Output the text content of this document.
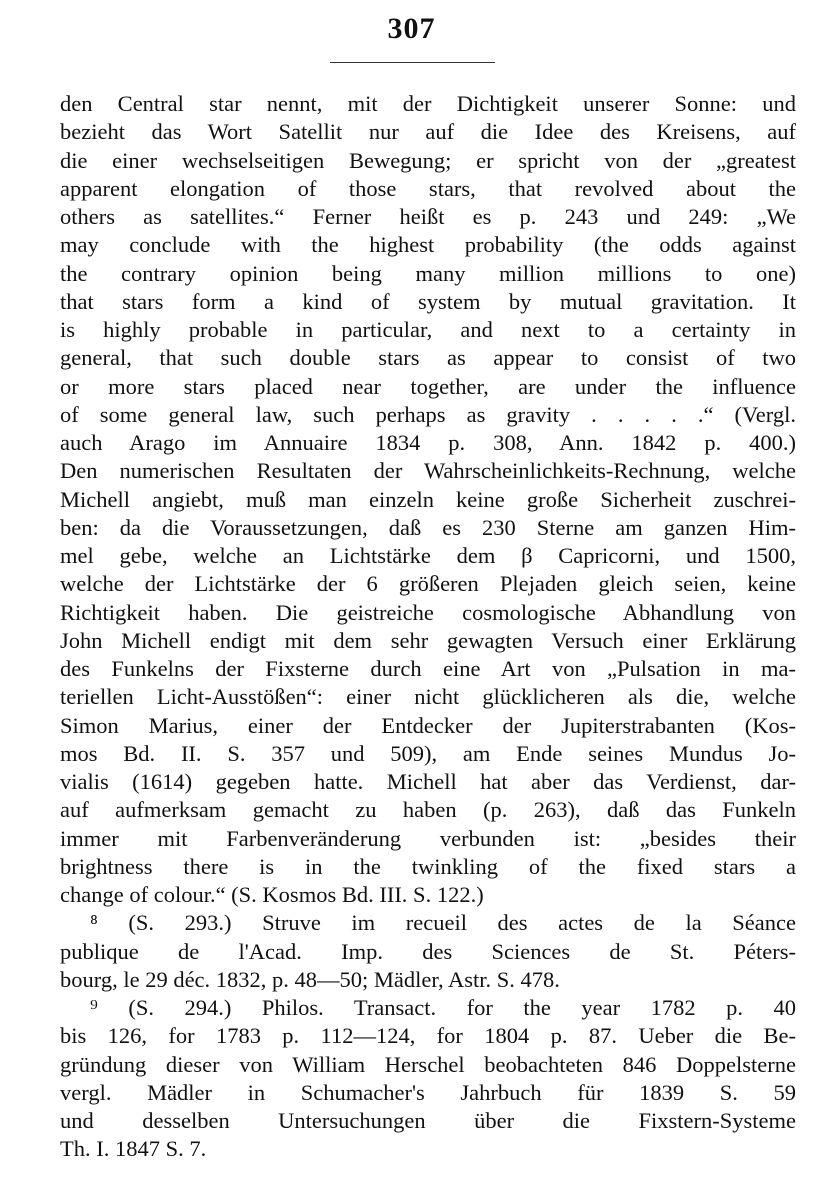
307
den Central star nennt, mit der Dichtigkeit unserer Sonne: und
bezieht das Wort Satellit nur auf die Idee des Kreisens, auf
die einer wechselseitigen Bewegung; er spricht von der „greatest
apparent elongation of those stars, that revolved about the
others as satellites.“ Ferner heißt es p. 243 und 249: „We
may conclude with the highest probability (the odds against
the contrary opinion being many million millions to one)
that stars form a kind of system by mutual gravitation. It
is highly probable in particular, and next to a certainty in
general, that such double stars as appear to consist of two
or more stars placed near together, are under the influence
of some general law, such perhaps as gravity . . . . .“ (Vergl.
auch Arago im Annuaire 1834 p. 308, Ann. 1842 p. 400.)
Den numerischen Resultaten der Wahrscheinlichkeits-Rechnung, welche
Michell angiebt, muß man einzeln keine große Sicherheit zuschrei-
ben: da die Voraussetzungen, daß es 230 Sterne am ganzen Him-
mel gebe, welche an Lichtstärke dem β Capricorni, und 1500,
welche der Lichtstärke der 6 größeren Plejaden gleich seien, keine
Richtigkeit haben. Die geistreiche cosmologische Abhandlung von
John Michell endigt mit dem sehr gewagten Versuch einer Erklärung
des Funkelns der Fixsterne durch eine Art von „Pulsation in ma-
teriellen Licht-Ausstößen“: einer nicht glücklicheren als die, welche
Simon Marius, einer der Entdecker der Jupiterstrabanten (Kos-
mos Bd. II. S. 357 und 509), am Ende seines Mundus Jo-
vialis (1614) gegeben hatte. Michell hat aber das Verdienst, dar-
auf aufmerksam gemacht zu haben (p. 263), daß das Funkeln
immer mit Farbenveränderung verbunden ist: „besides their
brightness there is in the twinkling of the fixed stars a
change of colour.“ (S. Kosmos Bd. III. S. 122.)
⁸ (S. 293.) Struve im recueil des actes de la Séance
publique de l'Acad. Imp. des Sciences de St. Péters-
bourg, le 29 déc. 1832, p. 48—50; Mädler, Astr. S. 478.
⁹ (S. 294.) Philos. Transact. for the year 1782 p. 40
bis 126, for 1783 p. 112—124, for 1804 p. 87. Ueber die Be-
gründung dieser von William Herschel beobachteten 846 Doppelsterne
vergl. Mädler in Schumacher's Jahrbuch für 1839 S. 59
und desselben Untersuchungen über die Fixstern-Systeme
Th. I. 1847 S. 7.
